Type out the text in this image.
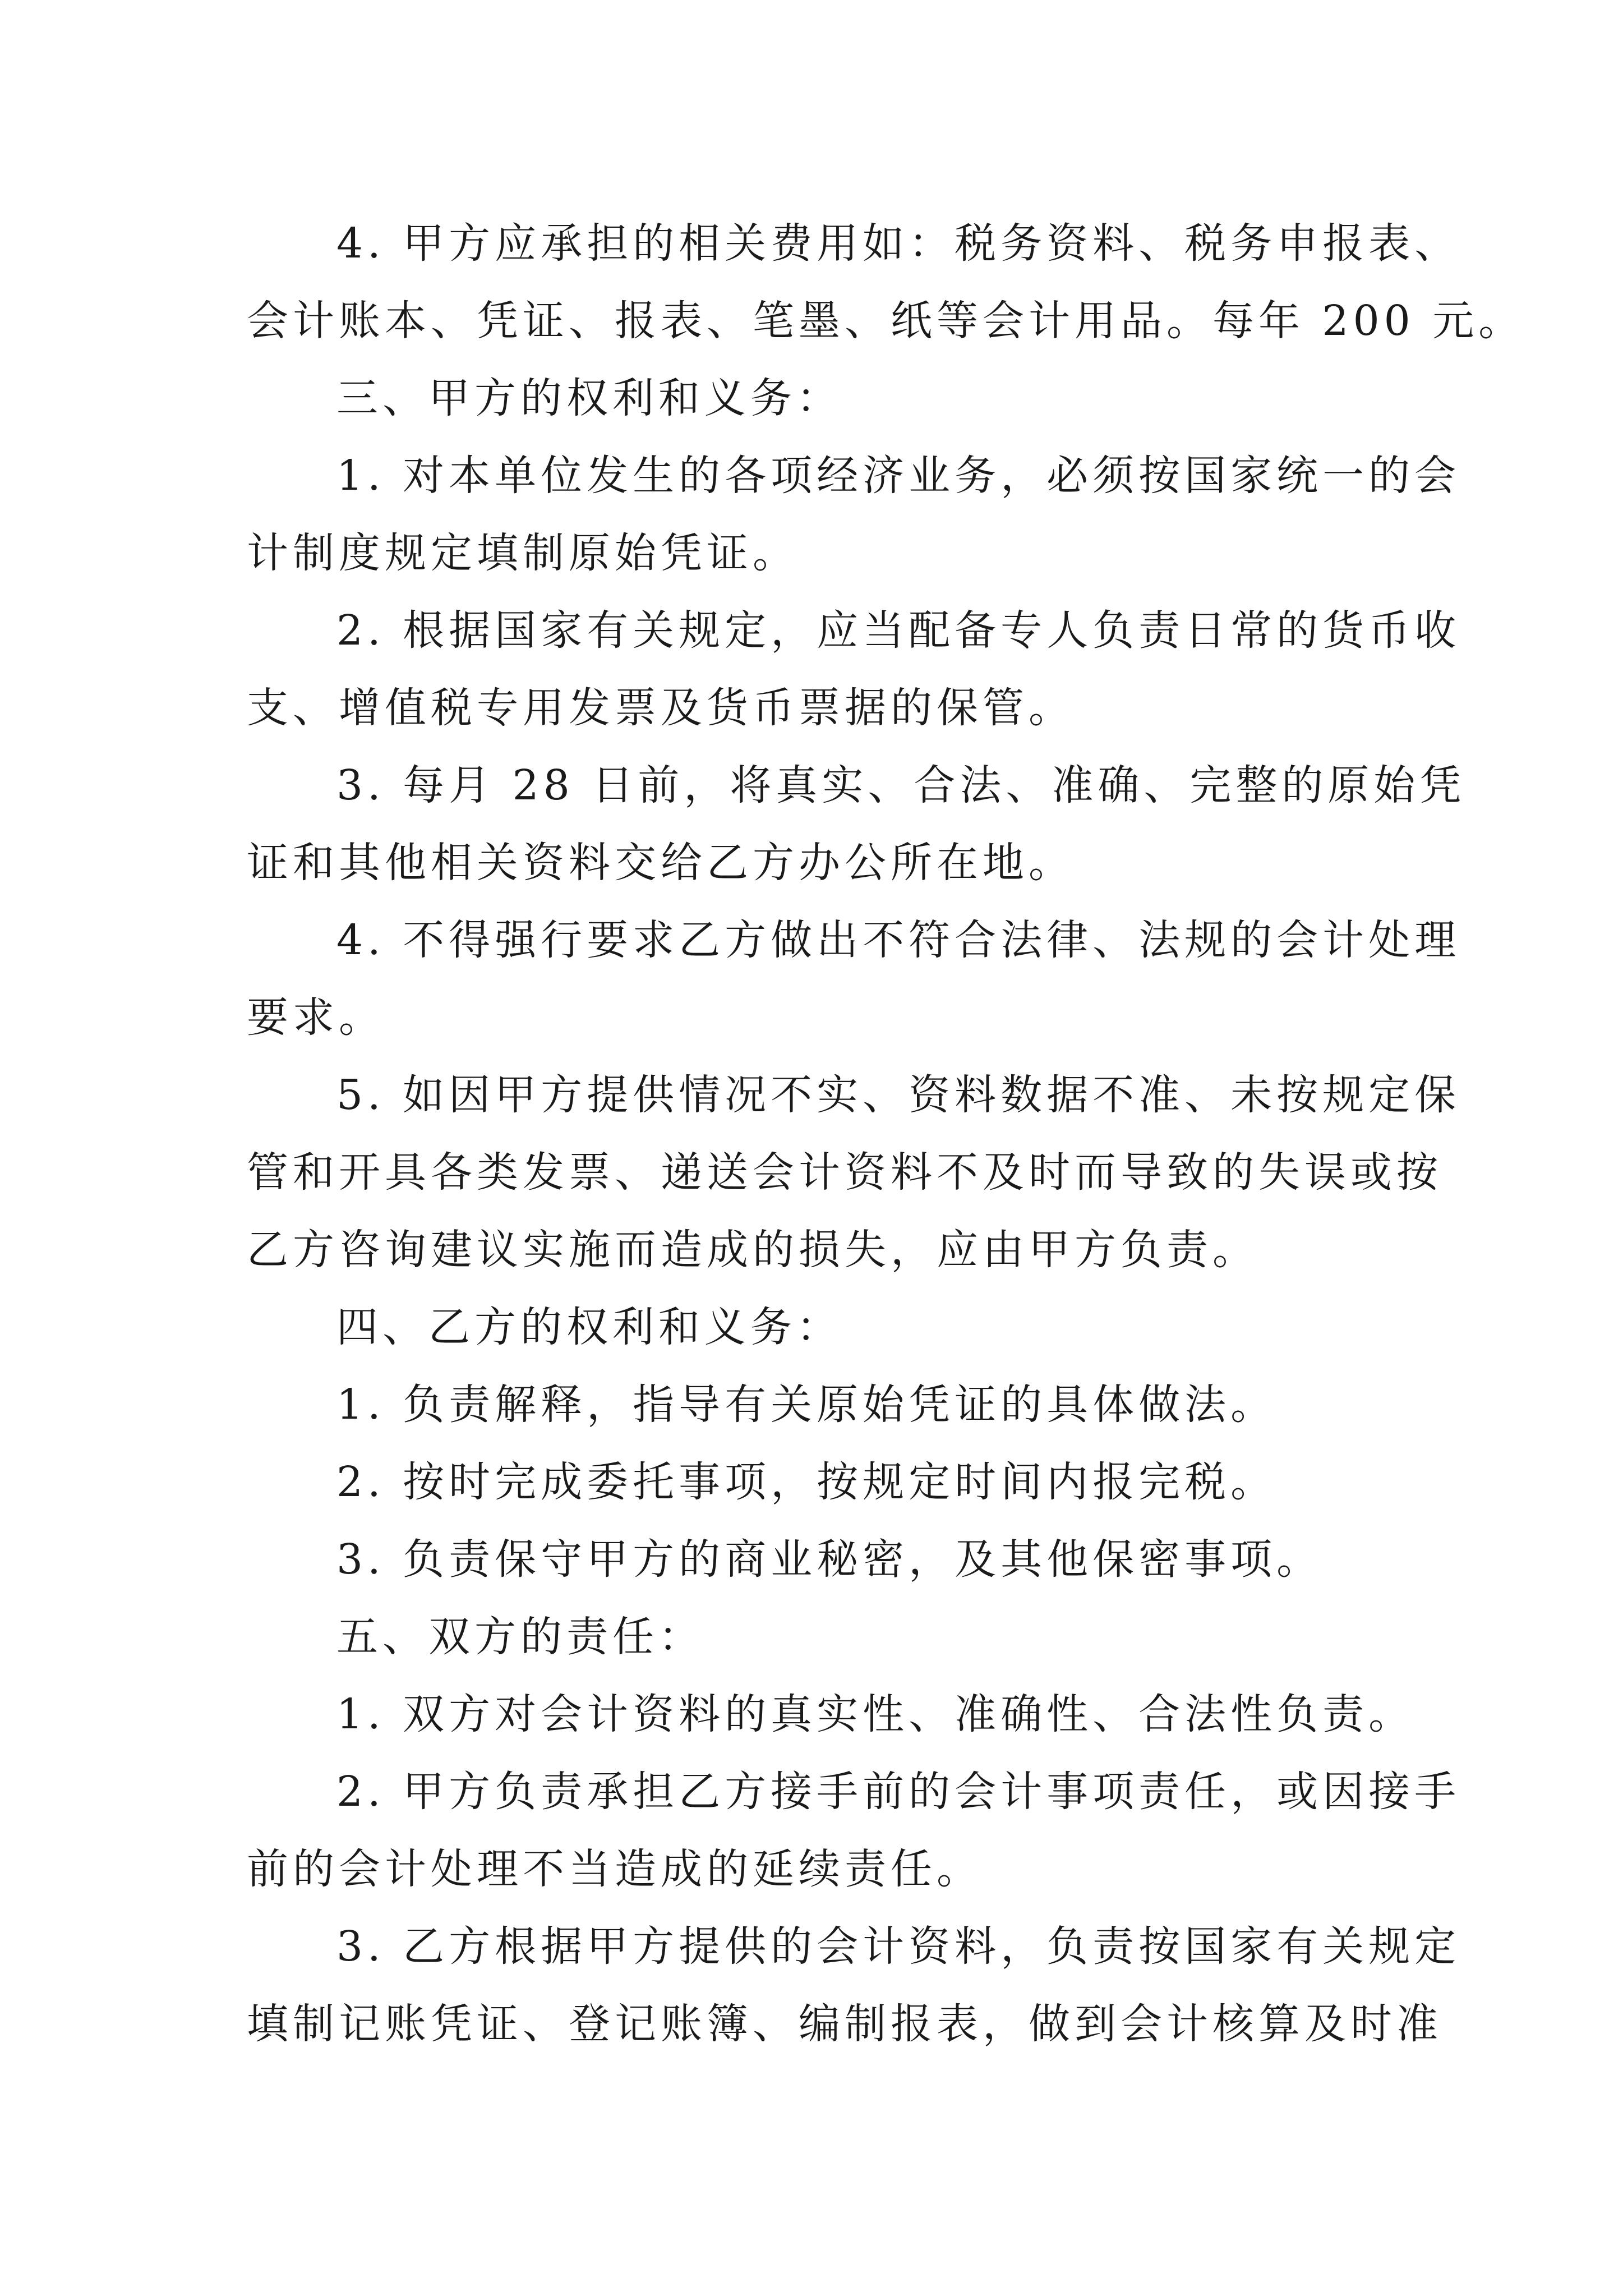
4. 甲方应承担的相关费用如：税务资料、税务申报表、
会计账本、凭证、报表、笔墨、纸等会计用品。每年 200 元。
三、甲方的权利和义务：
1. 对本单位发生的各项经济业务，必须按国家统一的会
计制度规定填制原始凭证。
2. 根据国家有关规定，应当配备专人负责日常的货币收
支、增值税专用发票及货币票据的保管。
3. 每月 28 日前，将真实、合法、准确、完整的原始凭
证和其他相关资料交给乙方办公所在地。
4. 不得强行要求乙方做出不符合法律、法规的会计处理
要求。
5. 如因甲方提供情况不实、资料数据不准、未按规定保
管和开具各类发票、递送会计资料不及时而导致的失误或按
乙方咨询建议实施而造成的损失，应由甲方负责。
四、乙方的权利和义务：
1. 负责解释，指导有关原始凭证的具体做法。
2. 按时完成委托事项，按规定时间内报完税。
3. 负责保守甲方的商业秘密，及其他保密事项。
五、双方的责任：
1. 双方对会计资料的真实性、准确性、合法性负责。
2. 甲方负责承担乙方接手前的会计事项责任，或因接手
前的会计处理不当造成的延续责任。
3. 乙方根据甲方提供的会计资料，负责按国家有关规定
填制记账凭证、登记账簿、编制报表，做到会计核算及时准
